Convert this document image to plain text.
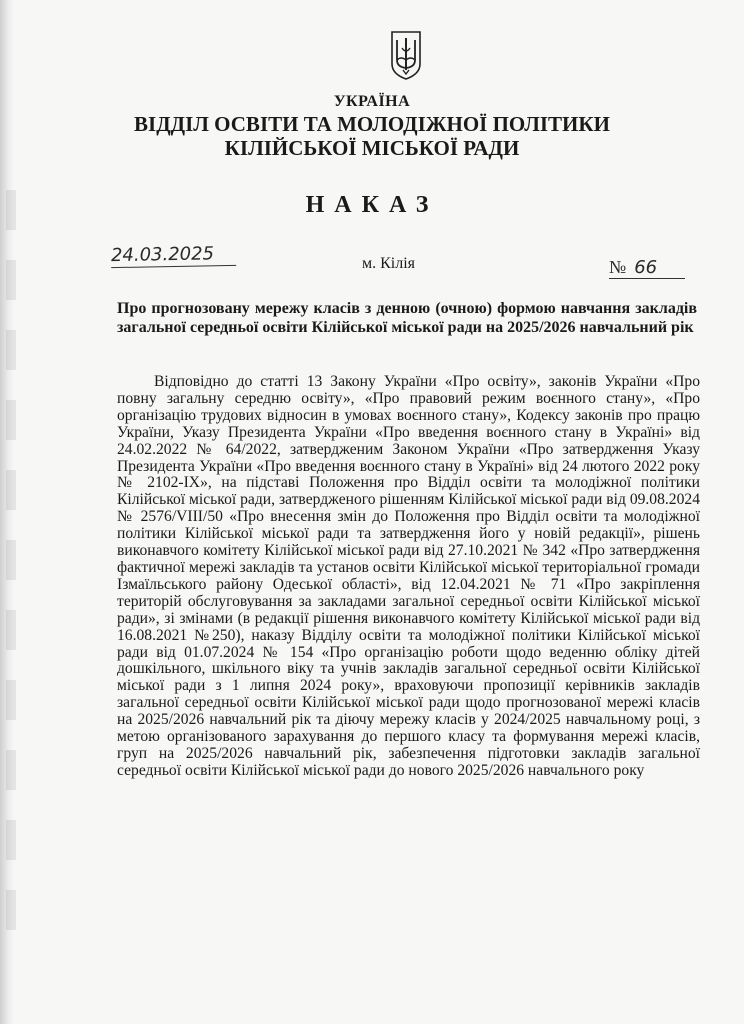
УКРАЇНА
ВІДДІЛ ОСВІТИ ТА МОЛОДІЖНОЇ ПОЛІТИКИ
КІЛІЙСЬКОЇ МІСЬКОЇ РАДИ
НАКАЗ
24.03.2025	м. Кілія	№ 66
Про прогнозовану мережу класів з денною (очною) формою навчання закладів загальної середньої освіти Кілійської міської ради на 2025/2026 навчальний рік
Відповідно до статті 13 Закону України «Про освіту», законів України «Про повну загальну середню освіту», «Про правовий режим воєнного стану», «Про організацію трудових відносин в умовах воєнного стану», Кодексу законів про працю України, Указу Президента України «Про введення воєнного стану в Україні» від 24.02.2022 № 64/2022, затвердженим Законом України «Про затвердження Указу Президента України «Про введення воєнного стану в Україні» від 24 лютого 2022 року № 2102-IX», на підставі Положення про Відділ освіти та молодіжної політики Кілійської міської ради, затвердженого рішенням Кілійської міської ради від 09.08.2024 № 2576/VIII/50 «Про внесення змін до Положення про Відділ освіти та молодіжної політики Кілійської міської ради та затвердження його у новій редакції», рішень виконавчого комітету Кілійської міської ради від 27.10.2021 № 342 «Про затвердження фактичної мережі закладів та установ освіти Кілійської міської територіальної громади Ізмаїльського району Одеської області», від 12.04.2021 № 71 «Про закріплення територій обслуговування за закладами загальної середньої освіти Кілійської міської ради», зі змінами (в редакції рішення виконавчого комітету Кілійської міської ради від 16.08.2021 №250), наказу Відділу освіти та молодіжної політики Кілійської міської ради від 01.07.2024 № 154 «Про організацію роботи щодо веденню обліку дітей дошкільного, шкільного віку та учнів закладів загальної середньої освіти Кілійської міської ради з 1 липня 2024 року», враховуючи пропозиції керівників закладів загальної середньої освіти Кілійської міської ради щодо прогнозованої мережі класів на 2025/2026 навчальний рік та діючу мережу класів у 2024/2025 навчальному році, з метою організованого зарахування до першого класу та формування мережі класів, груп на 2025/2026 навчальний рік, забезпечення підготовки закладів загальної середньої освіти Кілійської міської ради до нового 2025/2026 навчального року
